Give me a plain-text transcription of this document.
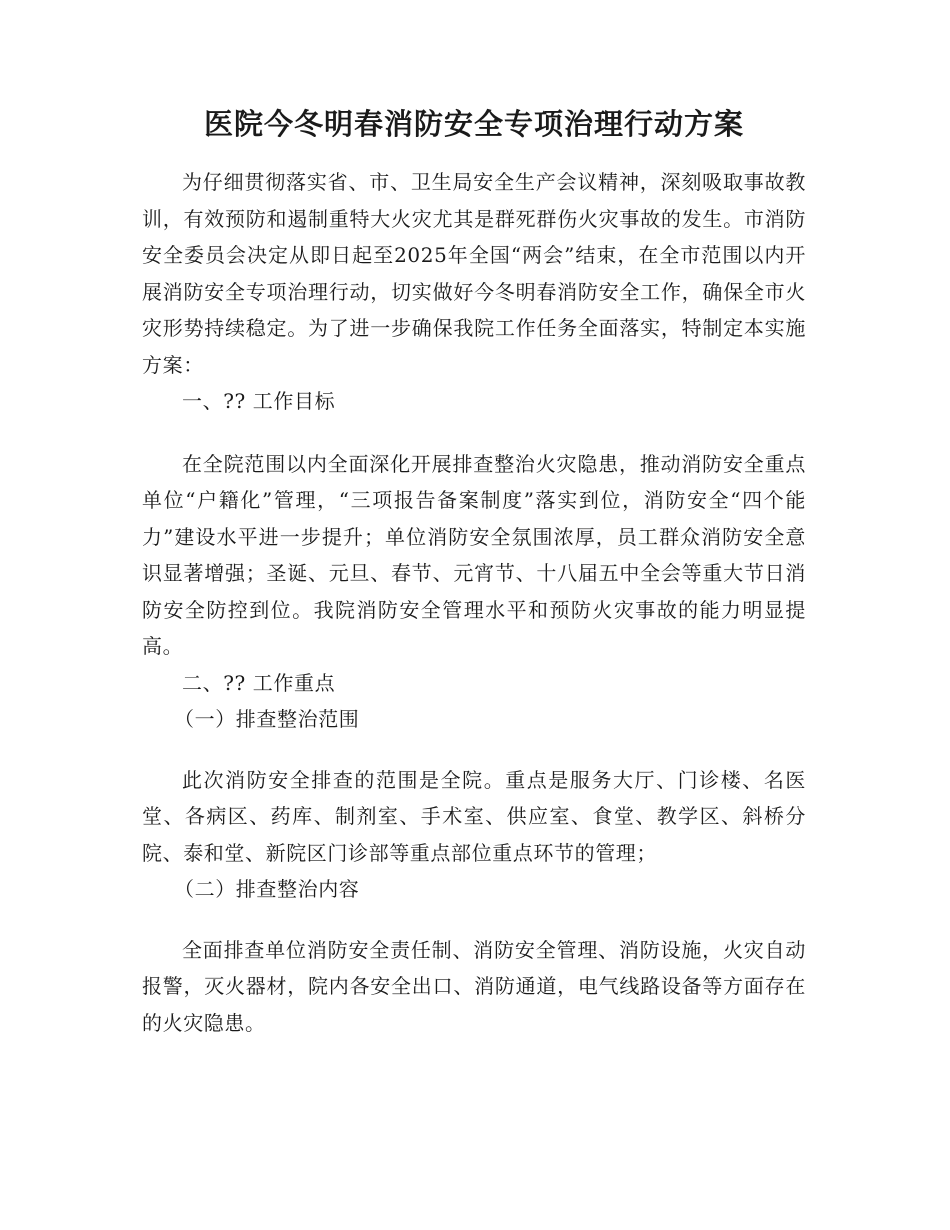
医院今冬明春消防安全专项治理行动方案

为仔细贯彻落实省、市、卫生局安全生产会议精神，深刻吸取事故教训，有效预防和遏制重特大火灾尤其是群死群伤火灾事故的发生。市消防安全委员会决定从即日起至2025年全国“两会”结束，在全市范围以内开展消防安全专项治理行动，切实做好今冬明春消防安全工作，确保全市火灾形势持续稳定。为了进一步确保我院工作任务全面落实，特制定本实施方案：

一、?? 工作目标

在全院范围以内全面深化开展排查整治火灾隐患，推动消防安全重点单位“户籍化”管理，“三项报告备案制度”落实到位，消防安全“四个能力”建设水平进一步提升；单位消防安全氛围浓厚，员工群众消防安全意识显著增强；圣诞、元旦、春节、元宵节、十八届五中全会等重大节日消防安全防控到位。我院消防安全管理水平和预防火灾事故的能力明显提高。

二、?? 工作重点

（一）排查整治范围

此次消防安全排查的范围是全院。重点是服务大厅、门诊楼、名医堂、各病区、药库、制剂室、手术室、供应室、食堂、教学区、斜桥分院、泰和堂、新院区门诊部等重点部位重点环节的管理；

（二）排查整治内容

全面排查单位消防安全责任制、消防安全管理、消防设施，火灾自动报警，灭火器材，院内各安全出口、消防通道，电气线路设备等方面存在的火灾隐患。
